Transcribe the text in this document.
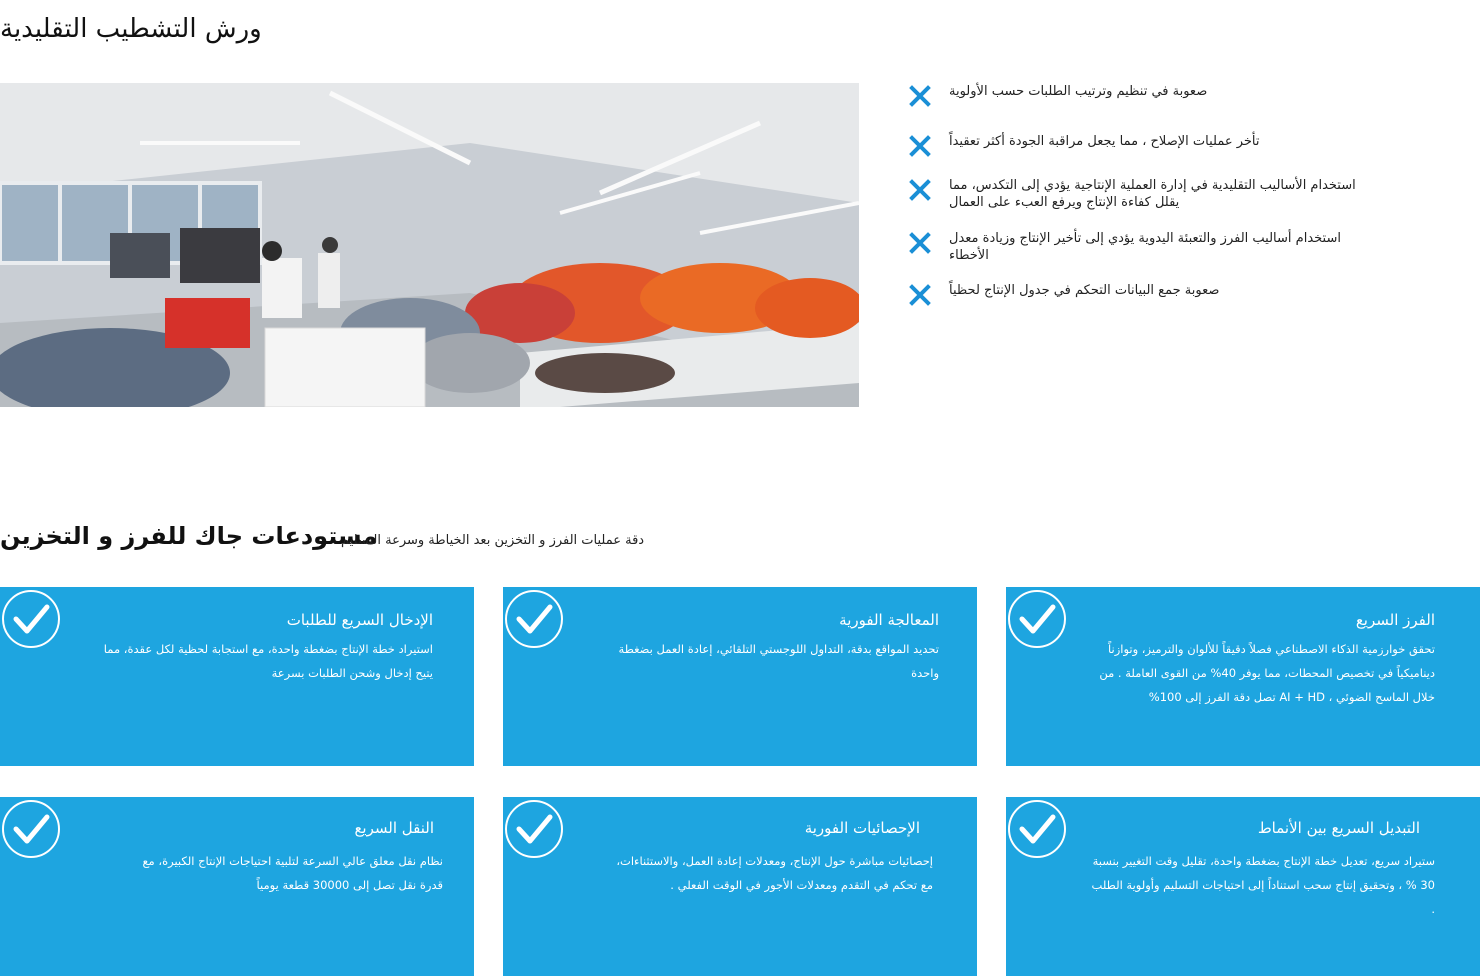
ورش التشطيب التقليدية
صعوبة في تنظيم وترتيب الطلبات حسب الأولوية
تأخر عمليات الإصلاح ، مما يجعل مراقبة الجودة أكثر تعقيداً
استخدام الأساليب التقليدية في إدارة العملية الإنتاجية يؤدي إلى التكدس، مما يقلل كفاءة الإنتاج ويرفع العبء على العمال
استخدام أساليب الفرز والتعبئة اليدوية يؤدي إلى تأخير الإنتاج وزيادة معدل الأخطاء
صعوبة جمع البيانات التحكم في جدول الإنتاج لحظياً
مستودعات جاك للفرز و التخزين
دقة عمليات الفرز و التخزين بعد الخياطة وسرعة التسليم
الإدخال السريع للطلبات
استيراد خطة الإنتاج بضغطة واحدة، مع استجابة لحظية لكل عقدة، مما يتيح إدخال وشحن الطلبات بسرعة
المعالجة الفورية
تحديد المواقع بدقة، التداول اللوجستي التلقائي، إعادة العمل بضغطة واحدة
الفرز السريع
تحقق خوارزمية الذكاء الاصطناعي فصلاً دقيقاً للألوان والترميز، وتوازناً ديناميكياً في تخصيص المحطات، مما يوفر 40% من القوى العاملة . من خلال الماسح الضوئي ، AI + HD تصل دقة الفرز إلى 100%
النقل السريع
نظام نقل معلق عالي السرعة لتلبية احتياجات الإنتاج الكبيرة، مع قدرة نقل تصل إلى 30000 قطعة يومياً
الإحصائيات الفورية
إحصائيات مباشرة حول الإنتاج، ومعدلات إعادة العمل، والاستثناءات، مع تحكم في التقدم ومعدلات الأجور في الوقت الفعلي .
التبديل السريع بين الأنماط
ستيراد سريع، تعديل خطة الإنتاج بضغطة واحدة، تقليل وقت التغيير بنسبة 30 % ، وتحقيق إنتاج سحب استناداً إلى احتياجات التسليم وأولوية الطلب .
